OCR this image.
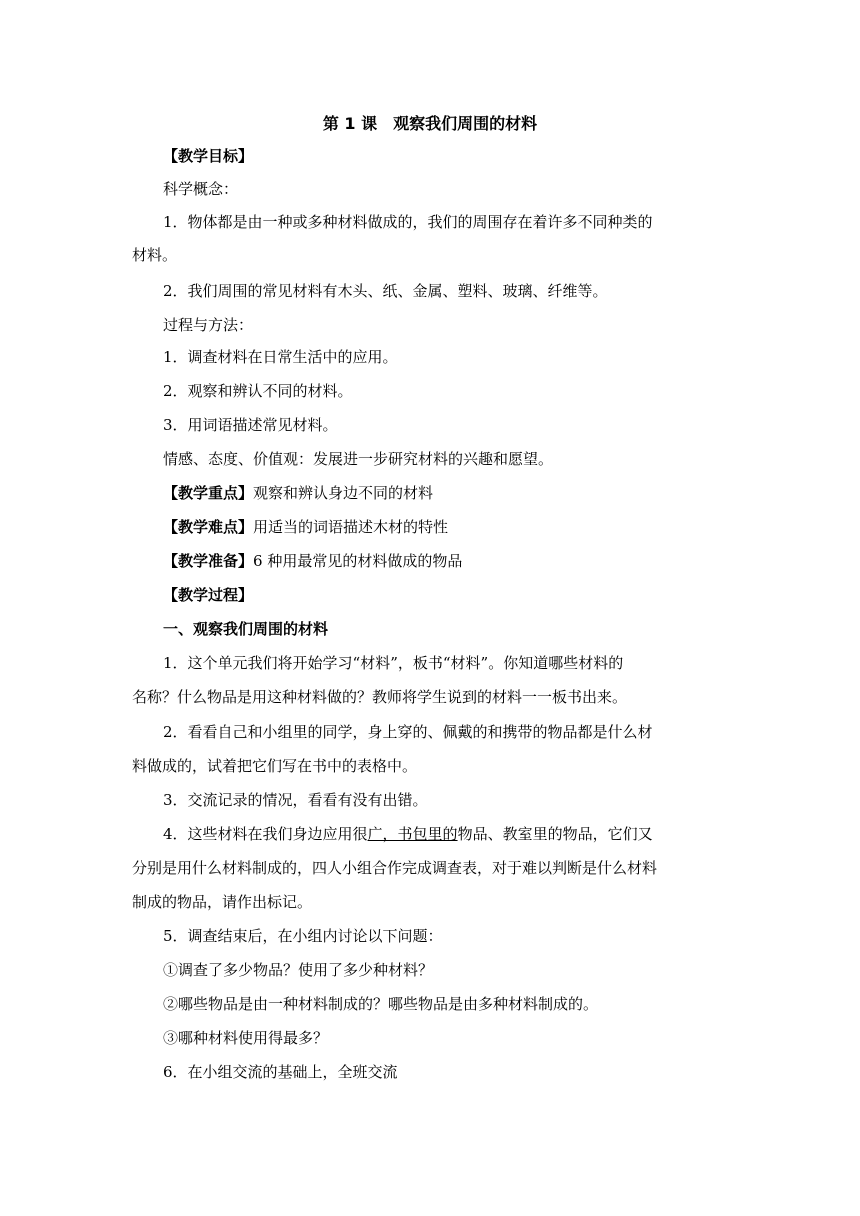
第 1 课　观察我们周围的材料
【教学目标】
科学概念：
1．物体都是由一种或多种材料做成的，我们的周围存在着许多不同种类的
材料。
2．我们周围的常见材料有木头、纸、金属、塑料、玻璃、纤维等。
过程与方法：
1．调查材料在日常生活中的应用。
2．观察和辨认不同的材料。
3．用词语描述常见材料。
情感、态度、价值观：发展进一步研究材料的兴趣和愿望。
【教学重点】观察和辨认身边不同的材料
【教学难点】用适当的词语描述木材的特性
【教学准备】6 种用最常见的材料做成的物品
【教学过程】
一、观察我们周围的材料
1．这个单元我们将开始学习“材料”，板书“材料”。你知道哪些材料的
名称？什么物品是用这种材料做的？教师将学生说到的材料一一板书出来。
2．看看自己和小组里的同学，身上穿的、佩戴的和携带的物品都是什么材
料做成的，试着把它们写在书中的表格中。
3．交流记录的情况，看看有没有出错。
4．这些材料在我们身边应用很广，书包里的物品、教室里的物品，它们又
分别是用什么材料制成的，四人小组合作完成调查表，对于难以判断是什么材料
制成的物品，请作出标记。
5．调查结束后，在小组内讨论以下问题：
①调查了多少物品？使用了多少种材料？
②哪些物品是由一种材料制成的？哪些物品是由多种材料制成的。
③哪种材料使用得最多？
6．在小组交流的基础上，全班交流
